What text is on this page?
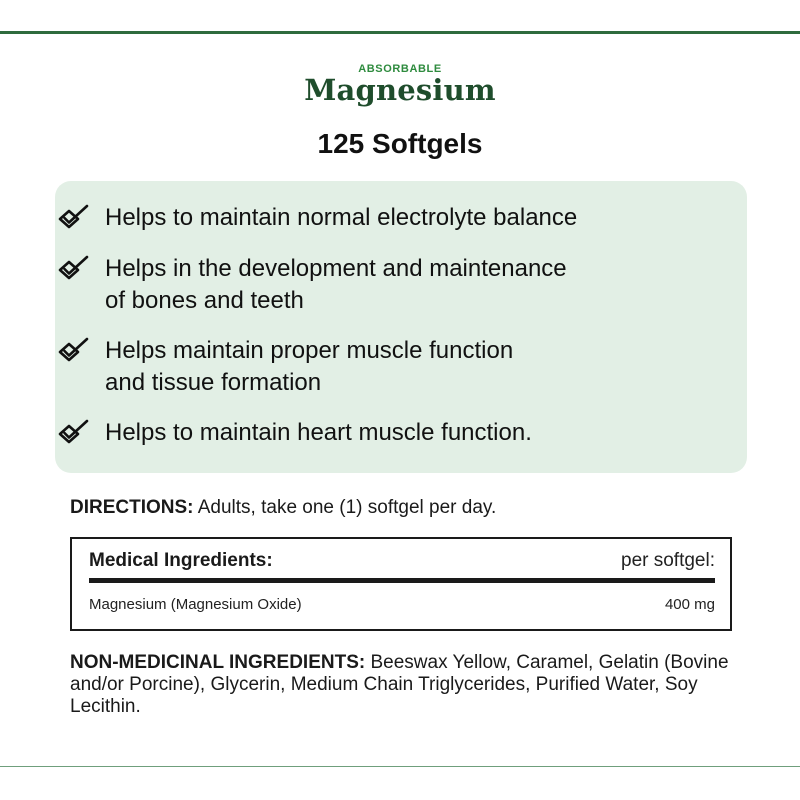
ABSORBABLE
Magnesium
125 Softgels
Helps to maintain normal electrolyte balance
Helps in the development and maintenance
of bones and teeth
Helps maintain proper muscle function
and tissue formation
Helps to maintain heart muscle function.
DIRECTIONS: Adults, take one (1) softgel per day.
Medical Ingredients:	per softgel:
Magnesium (Magnesium Oxide)	400 mg
NON-MEDICINAL INGREDIENTS: Beeswax Yellow, Caramel, Gelatin (Bovine and/or Porcine), Glycerin, Medium Chain Triglycerides, Purified Water, Soy Lecithin.
